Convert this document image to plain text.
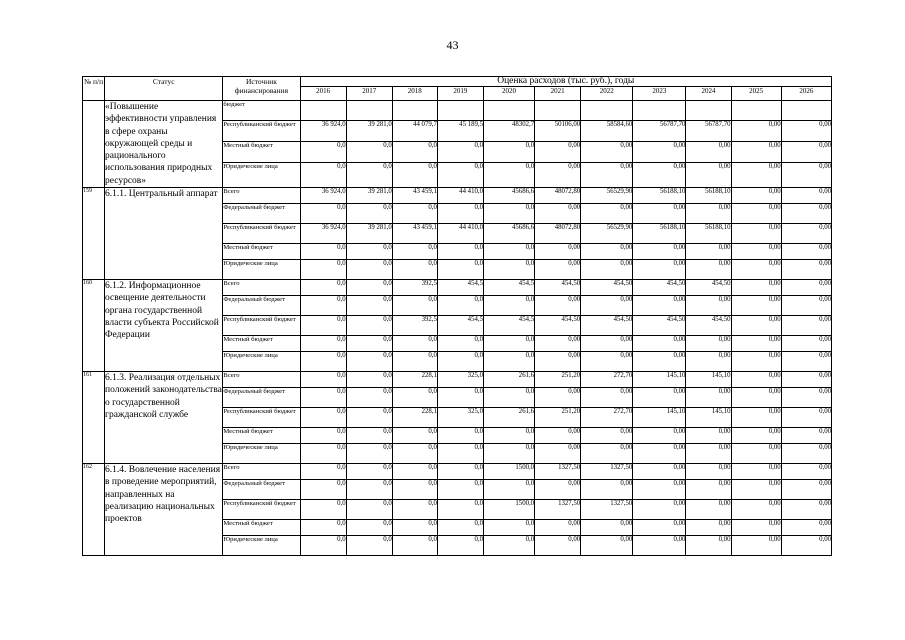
43
№ п/п	Статус	Источник финансирования	Оценка расходов (тыс. руб.), годы										
			2016	2017	2018	2019	2020	2021	2022	2023	2024	2025	2026
	«Повышение эффективности управления в сфере охраны окружающей среды и рационального использования природных ресурсов»	бюджет											
		Республиканский бюджет	36 924,0	39 281,0	44 079,7	45 189,5	48302,7	50106,00	58584,60	56787,70	56787,70	0,00	0,00
		Местный бюджет	0,0	0,0	0,0	0,0	0,0	0,00	0,00	0,00	0,00	0,00	0,00
		Юридические лица	0,0	0,0	0,0	0,0	0,0	0,00	0,00	0,00	0,00	0,00	0,00
159	6.1.1. Центральный аппарат	Всего	36 924,0	39 281,0	43 459,1	44 410,0	45686,6	48072,80	56529,90	56188,10	56188,10	0,00	0,00
		Федеральный бюджет	0,0	0,0	0,0	0,0	0,0	0,00	0,00	0,00	0,00	0,00	0,00
		Республиканский бюджет	36 924,0	39 281,0	43 459,1	44 410,0	45686,6	48072,80	56529,90	56188,10	56188,10	0,00	0,00
		Местный бюджет	0,0	0,0	0,0	0,0	0,0	0,00	0,00	0,00	0,00	0,00	0,00
		Юридические лица	0,0	0,0	0,0	0,0	0,0	0,00	0,00	0,00	0,00	0,00	0,00
160	6.1.2. Информационное освещение деятельности органа государственной власти субъекта Российской Федерации	Всего	0,0	0,0	392,5	454,5	454,5	454,50	454,50	454,50	454,50	0,00	0,00
		Федеральный бюджет	0,0	0,0	0,0	0,0	0,0	0,00	0,00	0,00	0,00	0,00	0,00
		Республиканский бюджет	0,0	0,0	392,5	454,5	454,5	454,50	454,50	454,50	454,50	0,00	0,00
		Местный бюджет	0,0	0,0	0,0	0,0	0,0	0,00	0,00	0,00	0,00	0,00	0,00
		Юридические лица	0,0	0,0	0,0	0,0	0,0	0,00	0,00	0,00	0,00	0,00	0,00
161	6.1.3. Реализация отдельных положений законодательства о государственной гражданской службе	Всего	0,0	0,0	228,1	325,0	261,6	251,20	272,70	145,10	145,10	0,00	0,00
		Федеральный бюджет	0,0	0,0	0,0	0,0	0,0	0,00	0,00	0,00	0,00	0,00	0,00
		Республиканский бюджет	0,0	0,0	228,1	325,0	261,6	251,20	272,70	145,10	145,10	0,00	0,00
		Местный бюджет	0,0	0,0	0,0	0,0	0,0	0,00	0,00	0,00	0,00	0,00	0,00
		Юридические лица	0,0	0,0	0,0	0,0	0,0	0,00	0,00	0,00	0,00	0,00	0,00
162	6.1.4. Вовлечение населения в проведение мероприятий, направленных на реализацию национальных проектов	Всего	0,0	0,0	0,0	0,0	1500,0	1327,50	1327,50	0,00	0,00	0,00	0,00
		Федеральный бюджет	0,0	0,0	0,0	0,0	0,0	0,00	0,00	0,00	0,00	0,00	0,00
		Республиканский бюджет	0,0	0,0	0,0	0,0	1500,0	1327,50	1327,50	0,00	0,00	0,00	0,00
		Местный бюджет	0,0	0,0	0,0	0,0	0,0	0,00	0,00	0,00	0,00	0,00	0,00
		Юридические лица	0,0	0,0	0,0	0,0	0,0	0,00	0,00	0,00	0,00	0,00	0,00
